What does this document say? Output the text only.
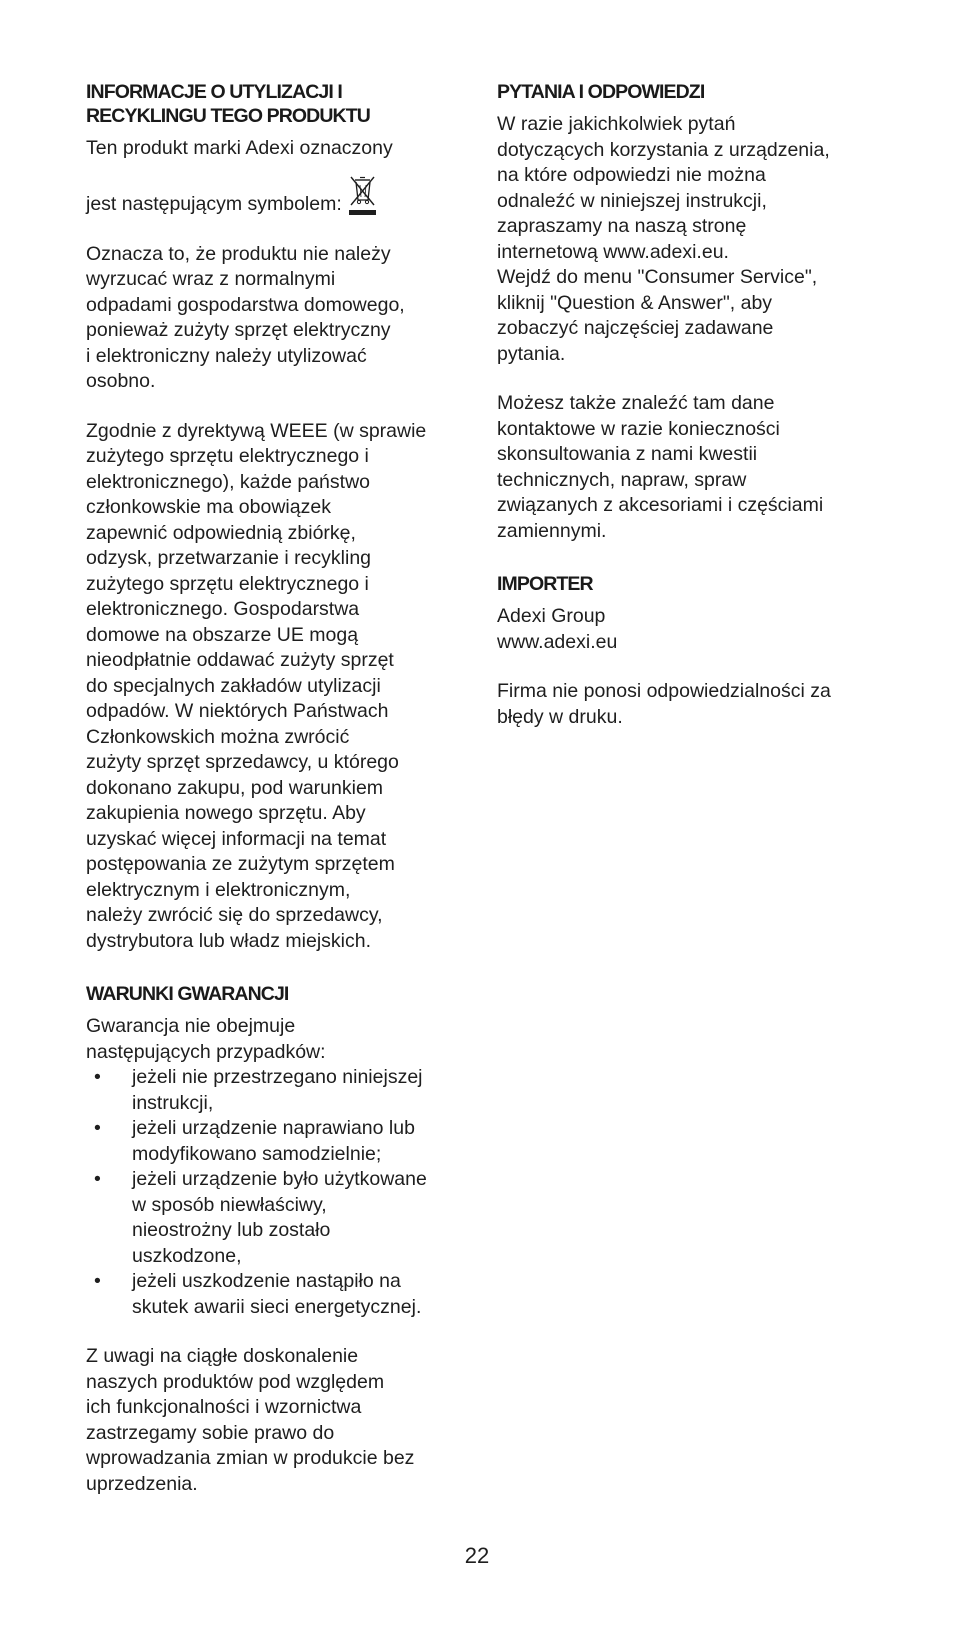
INFORMACJE O UTYLIZACJI I
RECYKLINGU TEGO PRODUKTU

Ten produkt marki Adexi oznaczony

jest następującym symbolem:

Oznacza to, że produktu nie należy
wyrzucać wraz z normalnymi
odpadami gospodarstwa domowego,
ponieważ zużyty sprzęt elektryczny
i elektroniczny należy utylizować
osobno.

Zgodnie z dyrektywą WEEE (w sprawie
zużytego sprzętu elektrycznego i
elektronicznego), każde państwo
członkowskie ma obowiązek
zapewnić odpowiednią zbiórkę,
odzysk, przetwarzanie i recykling
zużytego sprzętu elektrycznego i
elektronicznego. Gospodarstwa
domowe na obszarze UE mogą
nieodpłatnie oddawać zużyty sprzęt
do specjalnych zakładów utylizacji
odpadów. W niektórych Państwach
Członkowskich można zwrócić
zużyty sprzęt sprzedawcy, u którego
dokonano zakupu, pod warunkiem
zakupienia nowego sprzętu. Aby
uzyskać więcej informacji na temat
postępowania ze zużytym sprzętem
elektrycznym i elektronicznym,
należy zwrócić się do sprzedawcy,
dystrybutora lub władz miejskich.

WARUNKI GWARANCJI

Gwarancja nie obejmuje
następujących przypadków:

• jeżeli nie przestrzegano niniejszej
instrukcji,
• jeżeli urządzenie naprawiano lub
modyfikowano samodzielnie;
• jeżeli urządzenie było użytkowane
w sposób niewłaściwy,
nieostrożny lub zostało
uszkodzone,
• jeżeli uszkodzenie nastąpiło na
skutek awarii sieci energetycznej.

Z uwagi na ciągłe doskonalenie
naszych produktów pod względem
ich funkcjonalności i wzornictwa
zastrzegamy sobie prawo do
wprowadzania zmian w produkcie bez
uprzedzenia.

PYTANIA I ODPOWIEDZI

W razie jakichkolwiek pytań
dotyczących korzystania z urządzenia,
na które odpowiedzi nie można
odnaleźć w niniejszej instrukcji,
zapraszamy na naszą stronę
internetową www.adexi.eu.
Wejdź do menu "Consumer Service",
kliknij "Question & Answer", aby
zobaczyć najczęściej zadawane
pytania.

Możesz także znaleźć tam dane
kontaktowe w razie konieczności
skonsultowania z nami kwestii
technicznych, napraw, spraw
związanych z akcesoriami i częściami
zamiennymi.

IMPORTER

Adexi Group
www.adexi.eu

Firma nie ponosi odpowiedzialności za
błędy w druku.

22
